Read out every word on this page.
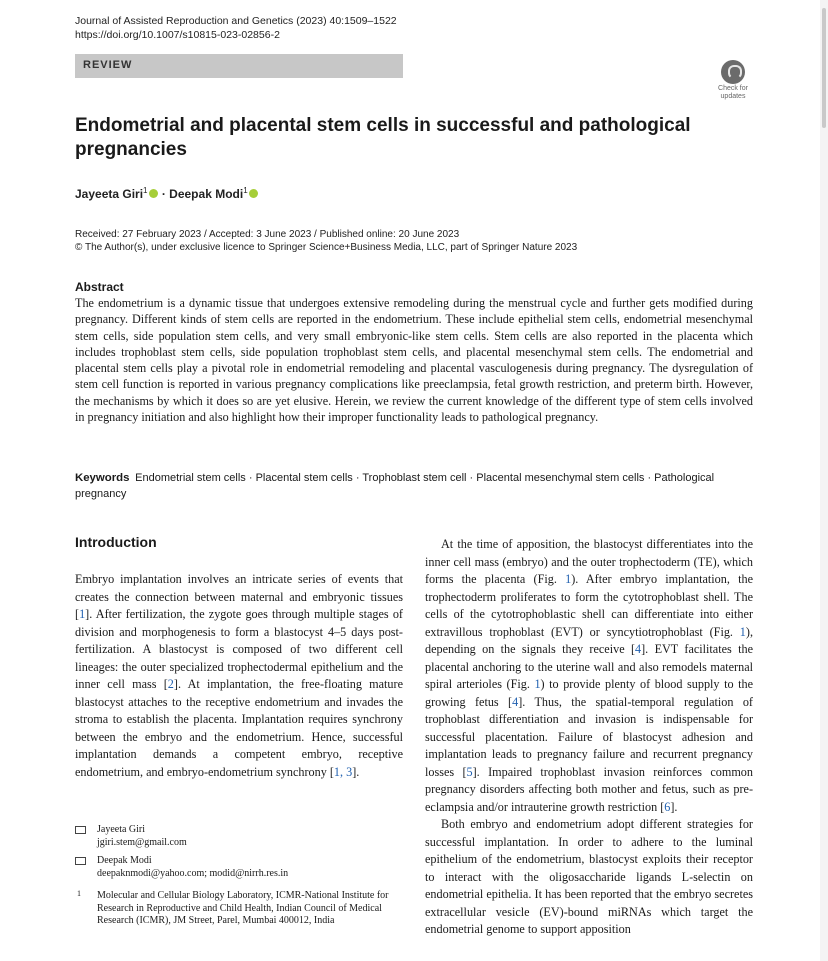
Journal of Assisted Reproduction and Genetics (2023) 40:1509–1522
https://doi.org/10.1007/s10815-023-02856-2
REVIEW
Check for
updates
Endometrial and placental stem cells in successful and pathological pregnancies
Jayeeta Giri$^1$ · Deepak Modi$^1$
Received: 27 February 2023 / Accepted: 3 June 2023 / Published online: 20 June 2023
© The Author(s), under exclusive licence to Springer Science+Business Media, LLC, part of Springer Nature 2023
Abstract
The endometrium is a dynamic tissue that undergoes extensive remodeling during the menstrual cycle and further gets modified during pregnancy. Different kinds of stem cells are reported in the endometrium. These include epithelial stem cells, endometrial mesenchymal stem cells, side population stem cells, and very small embryonic-like stem cells. Stem cells are also reported in the placenta which includes trophoblast stem cells, side population trophoblast stem cells, and placental mesenchymal stem cells. The endometrial and placental stem cells play a pivotal role in endometrial remodeling and placental vasculogenesis during pregnancy. The dysregulation of stem cell function is reported in various pregnancy complications like preeclampsia, fetal growth restriction, and preterm birth. However, the mechanisms by which it does so are yet elusive. Herein, we review the current knowledge of the different type of stem cells involved in pregnancy initiation and also highlight how their improper functionality leads to pathological pregnancy.
Keywords Endometrial stem cells · Placental stem cells · Trophoblast stem cell · Placental mesenchymal stem cells · Pathological pregnancy
Introduction

Embryo implantation involves an intricate series of events that creates the connection between maternal and embryonic tissues [1]. After fertilization, the zygote goes through multiple stages of division and morphogenesis to form a blastocyst 4–5 days post-fertilization. A blastocyst is composed of two different cell lineages: the outer specialized trophectodermal epithelium and the inner cell mass [2]. At implantation, the free-floating mature blastocyst attaches to the receptive endometrium and invades the stroma to establish the placenta. Implantation requires synchrony between the embryo and the endometrium. Hence, successful implantation demands a competent embryo, receptive endometrium, and embryo-endometrium synchrony [1, 3].

At the time of apposition, the blastocyst differentiates into the inner cell mass (embryo) and the outer trophectoderm (TE), which forms the placenta (Fig. 1). After embryo implantation, the trophectoderm proliferates to form the cytotrophoblast shell. The cells of the cytotrophoblastic shell can differentiate into either extravillous trophoblast (EVT) or syncytiotrophoblast (Fig. 1), depending on the signals they receive [4]. EVT facilitates the placental anchoring to the uterine wall and also remodels maternal spiral arterioles (Fig. 1) to provide plenty of blood supply to the growing fetus [4]. Thus, the spatial-temporal regulation of trophoblast differentiation and invasion is indispensable for successful placentation. Failure of blastocyst adhesion and implantation leads to pregnancy failure and recurrent pregnancy losses [5]. Impaired trophoblast invasion reinforces common pregnancy disorders affecting both mother and fetus, such as pre-eclampsia and/or intrauterine growth restriction [6].

Both embryo and endometrium adopt different strategies for successful implantation. In order to adhere to the luminal epithelium of the endometrium, blastocyst exploits their receptor to interact with the oligosaccharide ligands L-selectin on endometrial epithelia. It has been reported that the embryo secretes extracellular vesicle (EV)-bound miRNAs which target the endometrial genome to support apposition

Jayeeta Giri
jgiri.stem@gmail.com
Deepak Modi
deepaknmodi@yahoo.com; modid@nirrh.res.in
1 Molecular and Cellular Biology Laboratory, ICMR-National Institute for Research in Reproductive and Child Health, Indian Council of Medical Research (ICMR), JM Street, Parel, Mumbai 400012, India
